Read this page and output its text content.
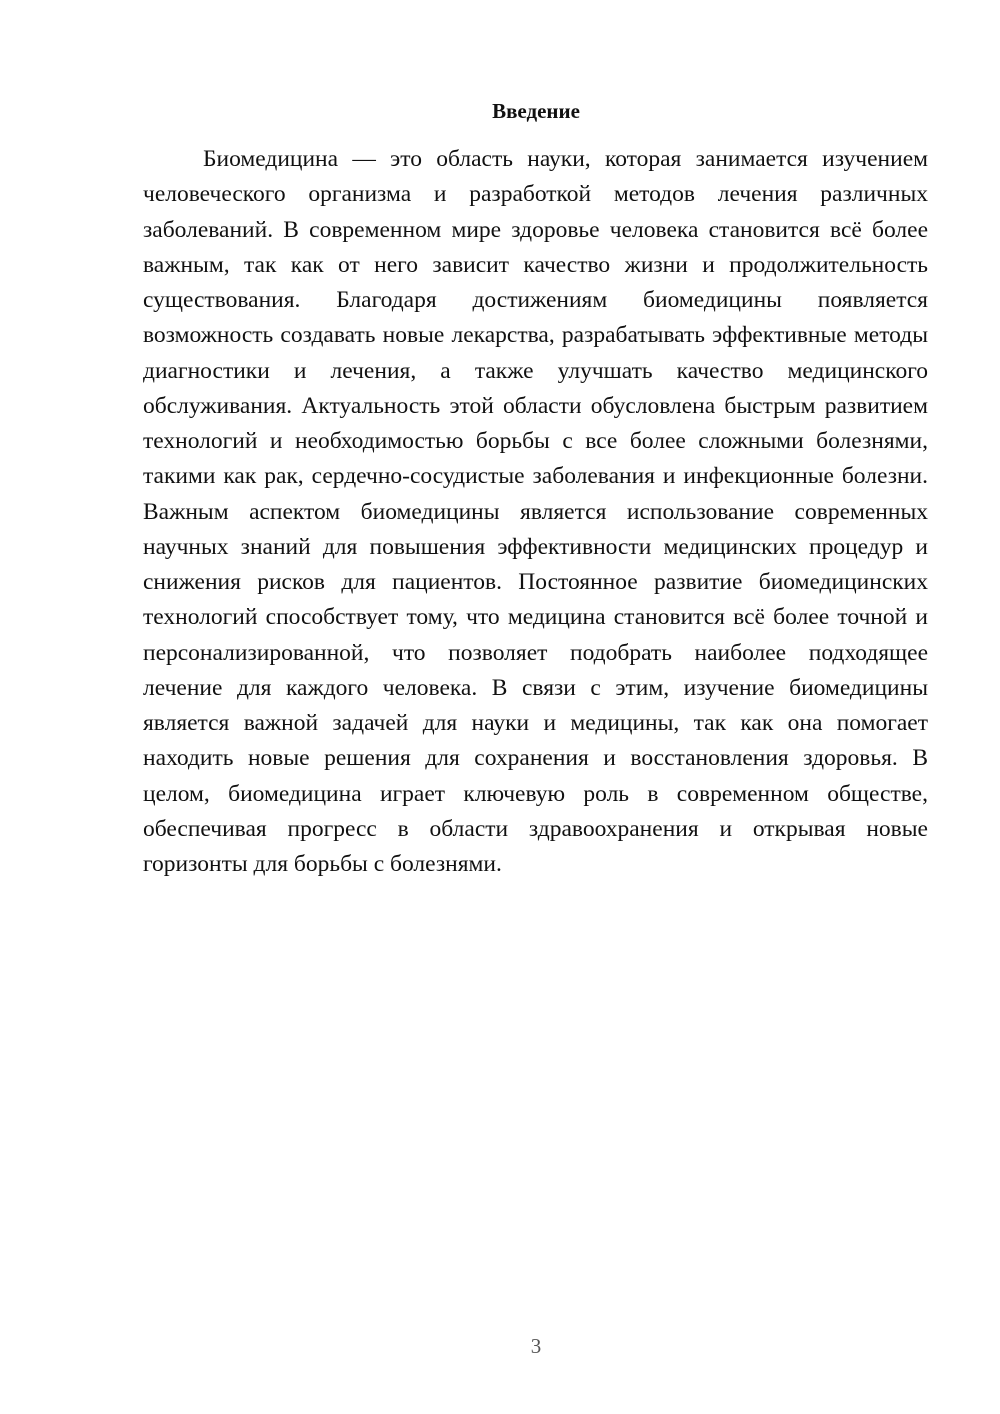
Введение

Биомедицина — это область науки, которая занимается изучением человеческого организма и разработкой методов лечения различных заболеваний. В современном мире здоровье человека становится всё более важным, так как от него зависит качество жизни и продолжительность существования. Благодаря достижениям биомедицины появляется возможность создавать новые лекарства, разрабатывать эффективные методы диагностики и лечения, а также улучшать качество медицинского обслуживания. Актуальность этой области обусловлена быстрым развитием технологий и необходимостью борьбы с все более сложными болезнями, такими как рак, сердечно-сосудистые заболевания и инфекционные болезни. Важным аспектом биомедицины является использование современных научных знаний для повышения эффективности медицинских процедур и снижения рисков для пациентов. Постоянное развитие биомедицинских технологий способствует тому, что медицина становится всё более точной и персонализированной, что позволяет подобрать наиболее подходящее лечение для каждого человека. В связи с этим, изучение биомедицины является важной задачей для науки и медицины, так как она помогает находить новые решения для сохранения и восстановления здоровья. В целом, биомедицина играет ключевую роль в современном обществе, обеспечивая прогресс в области здравоохранения и открывая новые горизонты для борьбы с болезнями.

3
